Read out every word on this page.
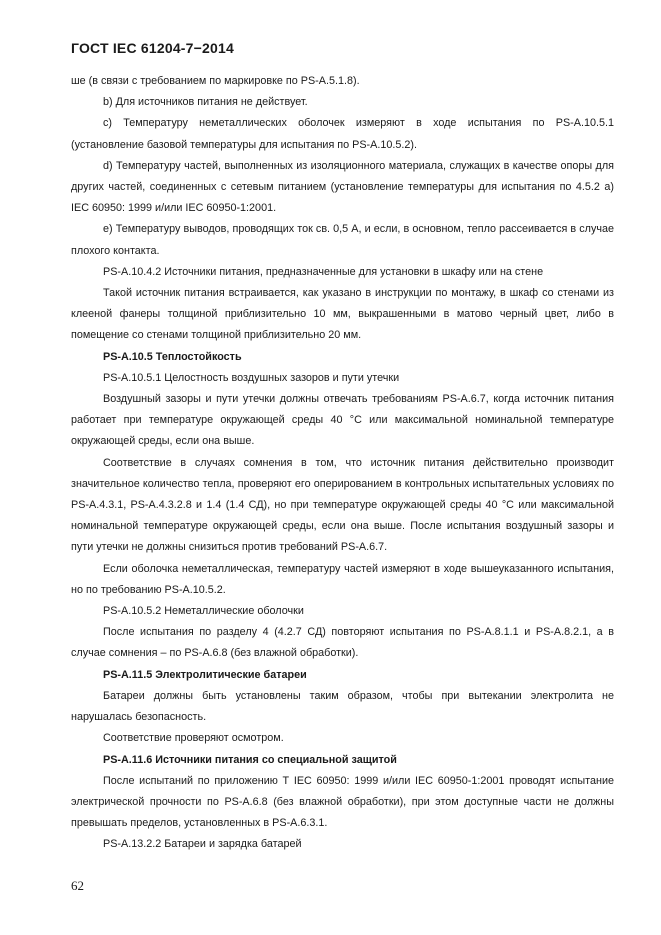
ГОСТ IEC 61204-7−2014

ше (в связи с требованием по маркировке по PS-A.5.1.8).

b) Для источников питания не действует.

c) Температуру неметаллических оболочек измеряют в ходе испытания по PS-A.10.5.1 (установление базовой температуры для испытания по PS-A.10.5.2).

d) Температуру частей, выполненных из изоляционного материала, служащих в качестве опоры для других частей, соединенных с сетевым питанием (установление температуры для испытания по 4.5.2 a) IEC 60950: 1999 и/или IEC 60950-1:2001.

e) Температуру выводов, проводящих ток св. 0,5 А, и если, в основном, тепло рассеивается в случае плохого контакта.

PS-A.10.4.2 Источники питания, предназначенные для установки в шкафу или на стене

Такой источник питания встраивается, как указано в инструкции по монтажу, в шкаф со стенами из клееной фанеры толщиной приблизительно 10 мм, выкрашенными в матово черный цвет, либо в помещение со стенами толщиной приблизительно 20 мм.

PS-A.10.5 Теплостойкость

PS-A.10.5.1 Целостность воздушных зазоров и пути утечки

Воздушный зазоры и пути утечки должны отвечать требованиям PS-A.6.7, когда источник питания работает при температуре окружающей среды 40 °С или максимальной номинальной температуре окружающей среды, если она выше.

Соответствие в случаях сомнения в том, что источник питания действительно производит значительное количество тепла, проверяют его оперированием в контрольных испытательных условиях по PS-A.4.3.1, PS-A.4.3.2.8 и 1.4 (1.4 СД), но при температуре окружающей среды 40 °С или максимальной номинальной температуре окружающей среды, если она выше. После испытания воздушный зазоры и пути утечки не должны снизиться против требований PS-A.6.7.

Если оболочка неметаллическая, температуру частей измеряют в ходе вышеуказанного испытания, но по требованию PS-A.10.5.2.

PS-A.10.5.2 Неметаллические оболочки

После испытания по разделу 4 (4.2.7 СД) повторяют испытания по PS-A.8.1.1 и PS-A.8.2.1, а в случае сомнения – по PS-A.6.8 (без влажной обработки).

PS-A.11.5 Электролитические батареи

Батареи должны быть установлены таким образом, чтобы при вытекании электролита не нарушалась безопасность.

Соответствие проверяют осмотром.

PS-A.11.6 Источники питания со специальной защитой

После испытаний по приложению Т IEC 60950: 1999 и/или IEC 60950-1:2001 проводят испытание электрической прочности по PS-A.6.8 (без влажной обработки), при этом доступные части не должны превышать пределов, установленных в PS-A.6.3.1.

PS-A.13.2.2 Батареи и зарядка батарей

62
